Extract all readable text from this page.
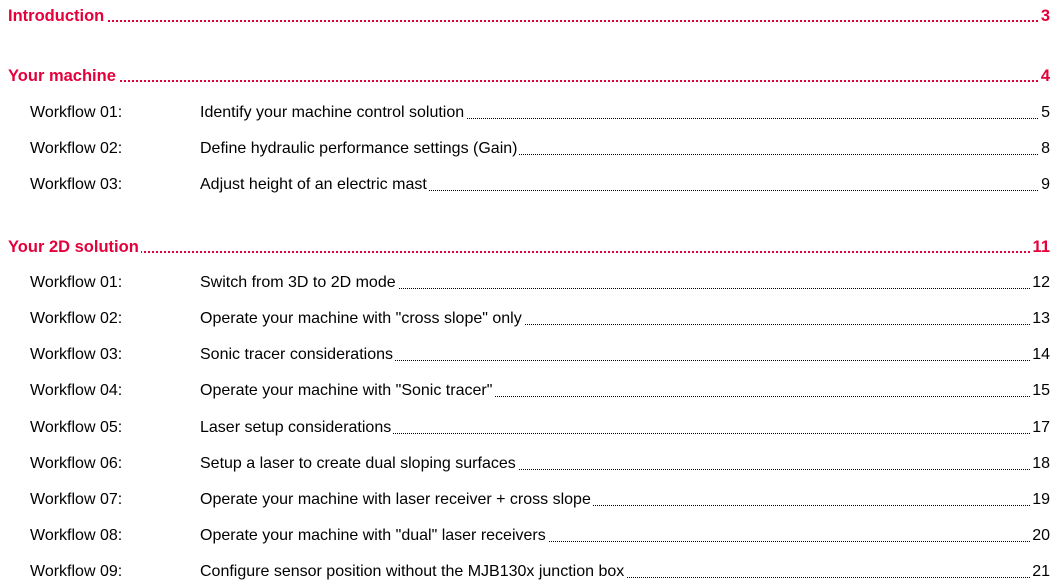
Introduction	3
Your machine	4
Workflow 01:	Identify your machine control solution	5
Workflow 02:	Define hydraulic performance settings (Gain)	8
Workflow 03:	Adjust height of an electric mast	9
Your 2D solution	11
Workflow 01:	Switch from 3D to 2D mode	12
Workflow 02:	Operate your machine with "cross slope" only	13
Workflow 03:	Sonic tracer considerations	14
Workflow 04:	Operate your machine with "Sonic tracer"	15
Workflow 05:	Laser setup considerations	17
Workflow 06:	Setup a laser to create dual sloping surfaces	18
Workflow 07:	Operate your machine with laser receiver + cross slope	19
Workflow 08:	Operate your machine with "dual" laser receivers	20
Workflow 09:	Configure sensor position without the MJB130x junction box	21
